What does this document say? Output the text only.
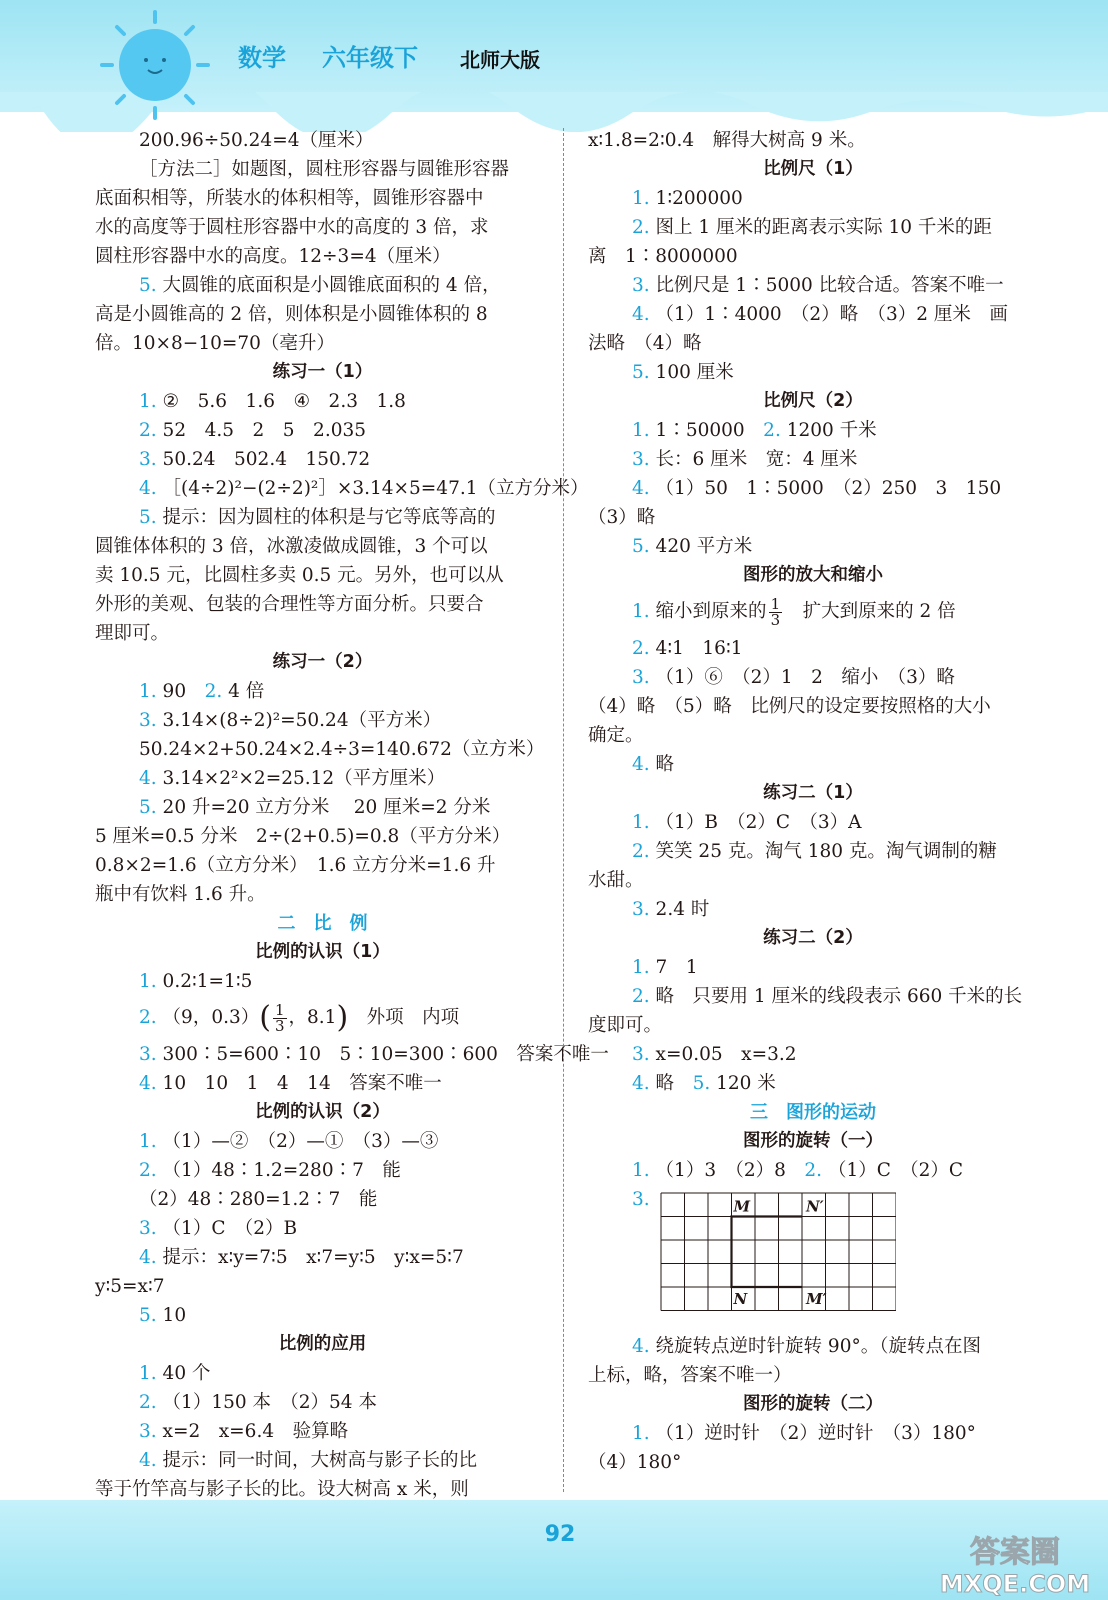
数学 六年级下 北师大版
200.96÷50.24=4（厘米）
［方法二］如题图，圆柱形容器与圆锥形容器
底面积相等，所装水的体积相等，圆锥形容器中
水的高度等于圆柱形容器中水的高度的 3 倍，求
圆柱形容器中水的高度。12÷3=4（厘米）
5. 大圆锥的底面积是小圆锥底面积的 4 倍，
高是小圆锥高的 2 倍，则体积是小圆锥体积的 8
倍。10×8−10=70（亳升）
练习一（1）
1. ②　5.6　1.6　④　2.3　1.8
2. 52　4.5　2　5　2.035
3. 50.24　502.4　150.72
4. ［(4÷2)²−(2÷2)²］×3.14×5=47.1（立方分米）
5. 提示：因为圆柱的体积是与它等底等高的
圆锥体体积的 3 倍，冰激凌做成圆锥，3 个可以
卖 10.5 元，比圆柱多卖 0.5 元。另外，也可以从
外形的美观、包装的合理性等方面分析。只要合
理即可。
练习一（2）
1. 90　2. 4 倍
3. 3.14×(8÷2)²=50.24（平方米）
50.24×2+50.24×2.4÷3=140.672（立方米）
4. 3.14×2²×2=25.12（平方厘米）
5. 20 升=20 立方分米　 20 厘米=2 分米
5 厘米=0.5 分米　2÷(2+0.5)=0.8（平方分米）
0.8×2=1.6（立方分米）　1.6 立方分米=1.6 升
瓶中有饮料 1.6 升。
二　比　例
比例的认识（1）
1. 0.2∶1=1∶5
2. （9，$0.3)( \frac{1}{3}$ ，8.1)　外项　内项
3. 300∶5=600∶10　5∶10=300∶600　答案不唯一
4. 10　10　1　4　14　答案不唯一
比例的认识（2）
1. （1）—②　（2）—①　（3）—③
2. （1）48∶1.2=280∶7　能
（2）48∶280=1.2∶7　能
3. （1）C　（2）B
4. 提示：x∶y=7∶5　x∶7=y∶5　y∶x=5∶7
y∶5=x∶7
5. 10
比例的应用
1. 40 个
2. （1）150 本　（2）54 本
3. x=2　x=6.4　验算略
4. 提示：同一时间，大树高与影子长的比
等于竹竿高与影子长的比。设大树高 x 米，则
x∶1.8=2∶0.4　解得大树高 9 米。
比例尺（1）
1. 1∶200000
2. 图上 1 厘米的距离表示实际 10 千米的距
离　1∶8000000
3. 比例尺是 1∶5000 比较合适。答案不唯一
4. （1）1∶4000　（2）略　（3）2 厘米　画
法略　（4）略
5. 100 厘米
比例尺（2）
1. 1∶50000　2. 1200 千米
3. 长：6 厘米　宽：4 厘米
4. （1）50　1∶5000　（2）250　3　150
（3）略
5. 420 平方米
图形的放大和缩小
1. 缩小到原来的 $\frac{1}{3}$ 　扩大到原来的 2 倍
2. 4∶1　16∶1
3. （1）⑥　（2）1　2　缩小　（3）略
（4）略　（5）略　比例尺的设定要按照格的大小
确定。
4. 略
练习二（1）
1. （1）B　（2）C　（3）A
2. 笑笑 25 克。淘气 180 克。淘气调制的糖
水甜。
3. 2.4 时
练习二（2）
1. 7　1
2. 略　只要用 1 厘米的线段表示 660 千米的长
度即可。
3. x=0.05　x=3.2
4. 略　5. 120 米
三　图形的运动
图形的旋转（一）
1. （1）3　（2）8　2. （1）C　（2）C
3.
4. 绕旋转点逆时针旋转 90°。（旋转点在图
上标，略，答案不唯一）
图形的旋转（二）
1. （1）逆时针　（2）逆时针　（3）180°
（4）180°
M	N′
N	M′
92
答案圈
MXQE.COM
